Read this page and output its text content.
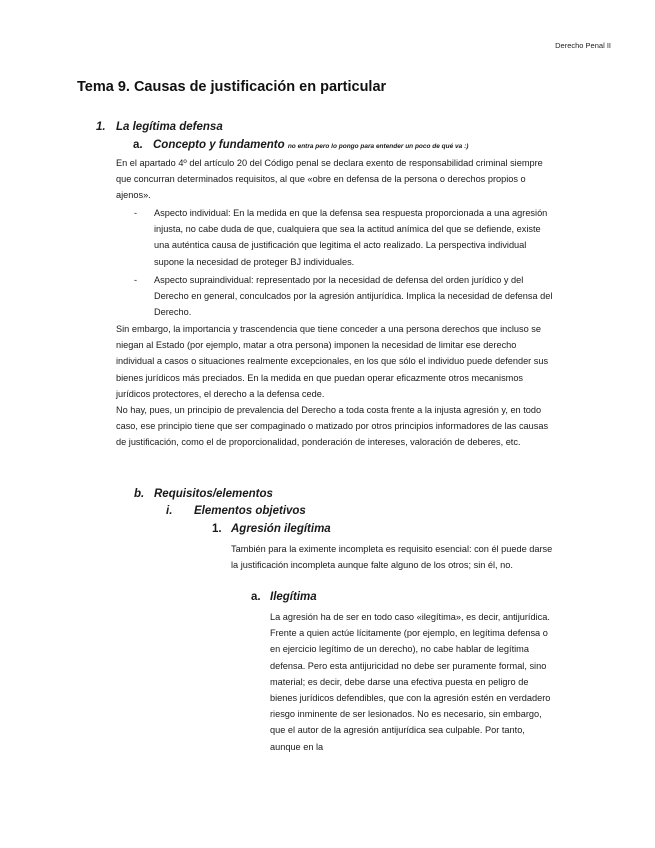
Derecho Penal II
Tema 9. Causas de justificación en particular
1. La legítima defensa
a. Concepto y fundamento no entra pero lo pongo para entender un poco de qué va :)

En el apartado 4º del artículo 20 del Código penal se declara exento de responsabilidad criminal siempre que concurran determinados requisitos, al que «obre en defensa de la persona o derechos propios o ajenos».

- Aspecto individual: En la medida en que la defensa sea respuesta proporcionada a una agresión injusta, no cabe duda de que, cualquiera que sea la actitud anímica del que se defiende, existe una auténtica causa de justificación que legitima el acto realizado. La perspectiva individual supone la necesidad de proteger BJ individuales.
- Aspecto supraindividual: representado por la necesidad de defensa del orden jurídico y del Derecho en general, conculcados por la agresión antijurídica. Implica la necesidad de defensa del Derecho.
Sin embargo, la importancia y trascendencia que tiene conceder a una persona derechos que incluso se niegan al Estado (por ejemplo, matar a otra persona) imponen la necesidad de limitar ese derecho individual a casos o situaciones realmente excepcionales, en los que sólo el individuo puede defender sus bienes jurídicos más preciados. En la medida en que puedan operar eficazmente otros mecanismos jurídicos protectores, el derecho a la defensa cede.
No hay, pues, un principio de prevalencia del Derecho a toda costa frente a la injusta agresión y, en todo caso, ese principio tiene que ser compaginado o matizado por otros principios informadores de las causas de justificación, como el de proporcionalidad, ponderación de intereses, valoración de deberes, etc.
b. Requisitos/elementos
i. Elementos objetivos
1. Agresión ilegítima

También para la eximente incompleta es requisito esencial: con él puede darse la justificación incompleta aunque falte alguno de los otros; sin él, no.

a. Ilegítima

La agresión ha de ser en todo caso «ilegítima», es decir, antijurídica. Frente a quien actúe lícitamente (por ejemplo, en legítima defensa o en ejercicio legítimo de un derecho), no cabe hablar de legítima defensa. Pero esta antijuricidad no debe ser puramente formal, sino material; es decir, debe darse una efectiva puesta en peligro de bienes jurídicos defendibles, que con la agresión estén en verdadero riesgo inminente de ser lesionados. No es necesario, sin embargo, que el autor de la agresión antijurídica sea culpable. Por tanto, aunque en la
